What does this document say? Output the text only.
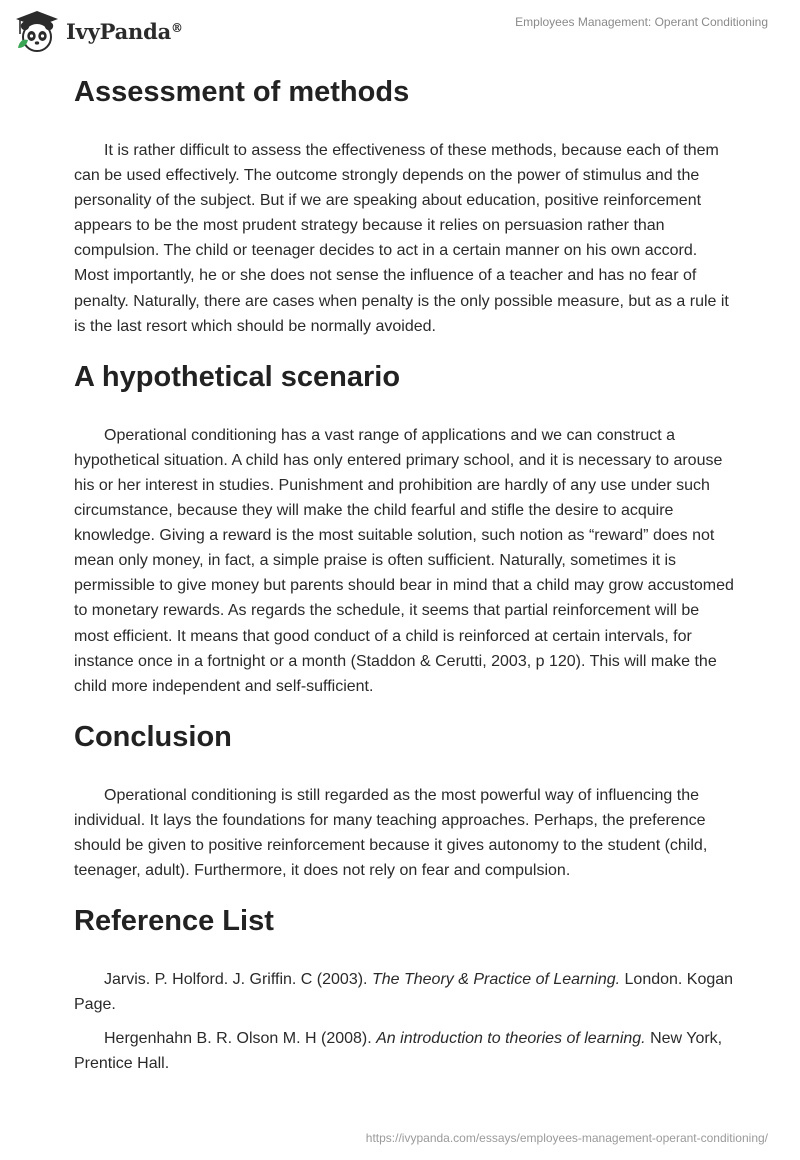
IvyPanda®	Employees Management: Operant Conditioning
Assessment of methods

It is rather difficult to assess the effectiveness of these methods, because each of them can be used effectively. The outcome strongly depends on the power of stimulus and the personality of the subject. But if we are speaking about education, positive reinforcement appears to be the most prudent strategy because it relies on persuasion rather than compulsion. The child or teenager decides to act in a certain manner on his own accord. Most importantly, he or she does not sense the influence of a teacher and has no fear of penalty. Naturally, there are cases when penalty is the only possible measure, but as a rule it is the last resort which should be normally avoided.

A hypothetical scenario

Operational conditioning has a vast range of applications and we can construct a hypothetical situation. A child has only entered primary school, and it is necessary to arouse his or her interest in studies. Punishment and prohibition are hardly of any use under such circumstance, because they will make the child fearful and stifle the desire to acquire knowledge. Giving a reward is the most suitable solution, such notion as “reward” does not mean only money, in fact, a simple praise is often sufficient. Naturally, sometimes it is permissible to give money but parents should bear in mind that a child may grow accustomed to monetary rewards. As regards the schedule, it seems that partial reinforcement will be most efficient. It means that good conduct of a child is reinforced at certain intervals, for instance once in a fortnight or a month (Staddon & Cerutti, 2003, p 120). This will make the child more independent and self-sufficient.

Conclusion

Operational conditioning is still regarded as the most powerful way of influencing the individual. It lays the foundations for many teaching approaches. Perhaps, the preference should be given to positive reinforcement because it gives autonomy to the student (child, teenager, adult). Furthermore, it does not rely on fear and compulsion.

Reference List

Jarvis. P. Holford. J. Griffin. C (2003). The Theory & Practice of Learning. London. Kogan Page.

Hergenhahn B. R. Olson M. H (2008). An introduction to theories of learning. New York, Prentice Hall.

https://ivypanda.com/essays/employees-management-operant-conditioning/
